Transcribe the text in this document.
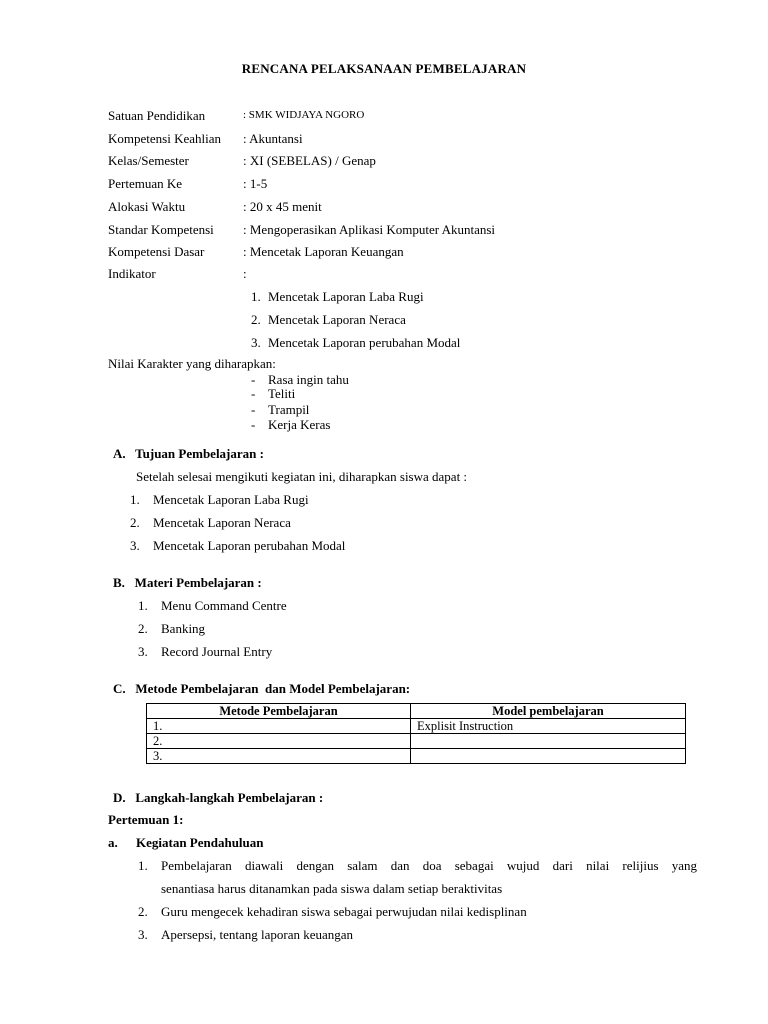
RENCANA PELAKSANAAN PEMBELAJARAN
Satuan Pendidikan	: SMK WIDJAYA NGORO
Kompetensi Keahlian : Akuntansi
Kelas/Semester	: XI (SEBELAS) / Genap
Pertemuan Ke	: 1-5
Alokasi Waktu	: 20 x 45 menit
Standar Kompetensi : Mengoperasikan Aplikasi Komputer Akuntansi
Kompetensi Dasar	: Mencetak Laporan Keuangan
Indikator	:
1. Mencetak Laporan Laba Rugi
2. Mencetak Laporan Neraca
3. Mencetak Laporan perubahan Modal
Nilai Karakter yang diharapkan:
- Rasa ingin tahu
- Teliti
- Trampil
- Kerja Keras
A.   Tujuan Pembelajaran :
Setelah selesai mengikuti kegiatan ini, diharapkan siswa dapat :
1. Mencetak Laporan Laba Rugi
2. Mencetak Laporan Neraca
3. Mencetak Laporan perubahan Modal
B.   Materi Pembelajaran :
1. Menu Command Centre
2. Banking
3. Record Journal Entry
C.   Metode Pembelajaran  dan Model Pembelajaran:
Metode Pembelajaran	Model pembelajaran
1.	Explisit Instruction
2.	
3.	
D.   Langkah-langkah Pembelajaran :
Pertemuan 1:
a. Kegiatan Pendahuluan
1. Pembelajaran diawali dengan salam dan doa sebagai wujud dari nilai relijius yang
senantiasa harus ditanamkan pada siswa dalam setiap beraktivitas
2. Guru mengecek kehadiran siswa sebagai perwujudan nilai kedisplinan
3. Apersepsi, tentang laporan keuangan
